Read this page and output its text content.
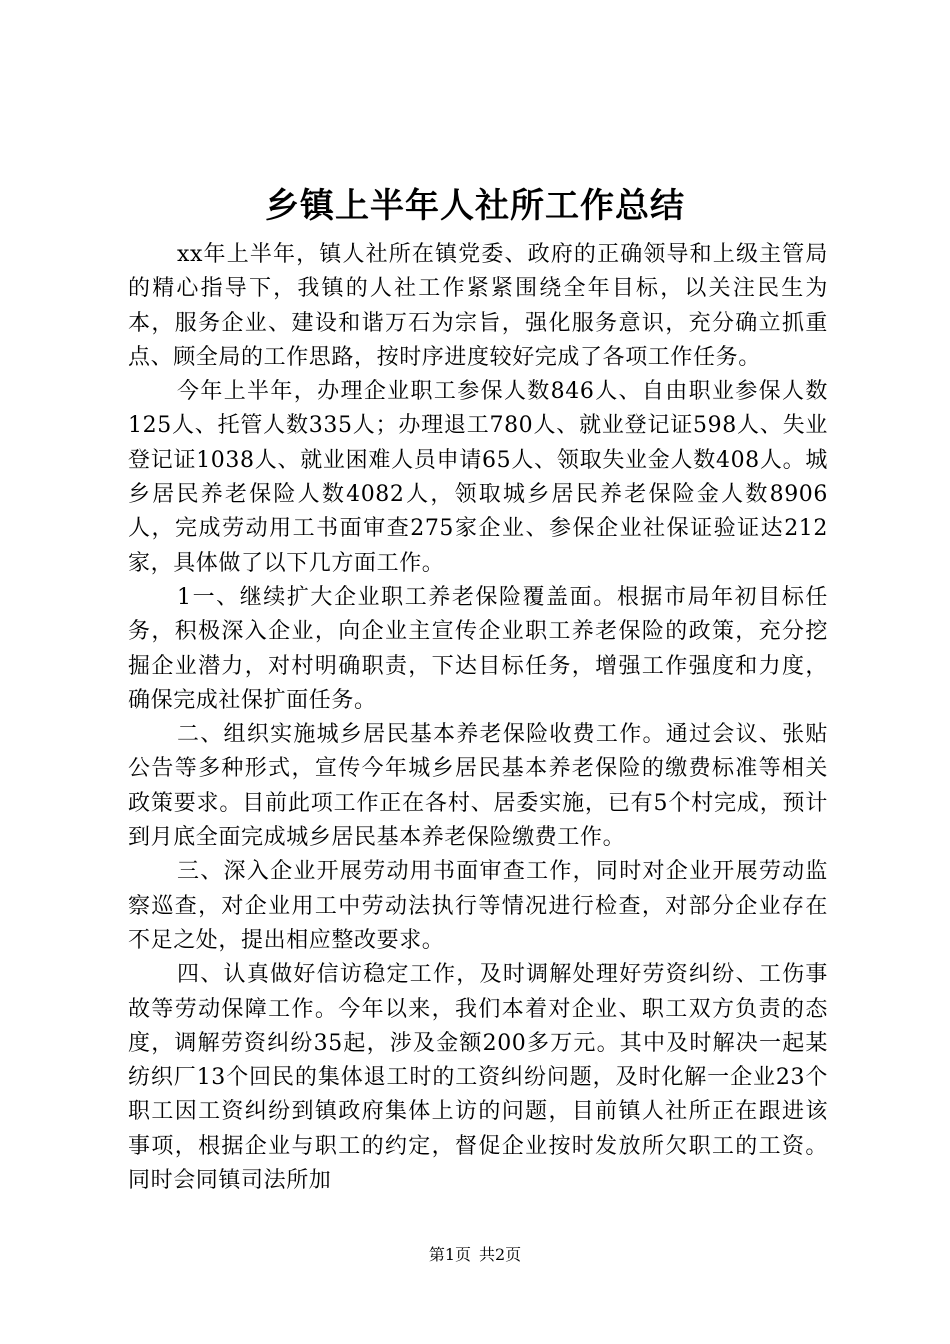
乡镇上半年人社所工作总结

xx年上半年，镇人社所在镇党委、政府的正确领导和上级主管局的精心指导下，我镇的人社工作紧紧围绕全年目标，以关注民生为本，服务企业、建设和谐万石为宗旨，强化服务意识，充分确立抓重点、顾全局的工作思路，按时序进度较好完成了各项工作任务。

今年上半年，办理企业职工参保人数846人、自由职业参保人数125人、托管人数335人；办理退工780人、就业登记证598人、失业登记证1038人、就业困难人员申请65人、领取失业金人数408人。城乡居民养老保险人数4082人，领取城乡居民养老保险金人数8906人，完成劳动用工书面审查275家企业、参保企业社保证验证达212家，具体做了以下几方面工作。

1一、继续扩大企业职工养老保险覆盖面。根据市局年初目标任务，积极深入企业，向企业主宣传企业职工养老保险的政策，充分挖掘企业潜力，对村明确职责，下达目标任务，增强工作强度和力度，确保完成社保扩面任务。

二、组织实施城乡居民基本养老保险收费工作。通过会议、张贴公告等多种形式，宣传今年城乡居民基本养老保险的缴费标准等相关政策要求。目前此项工作正在各村、居委实施，已有5个村完成，预计到月底全面完成城乡居民基本养老保险缴费工作。

三、深入企业开展劳动用书面审查工作，同时对企业开展劳动监察巡查，对企业用工中劳动法执行等情况进行检查，对部分企业存在不足之处，提出相应整改要求。

四、认真做好信访稳定工作，及时调解处理好劳资纠纷、工伤事故等劳动保障工作。今年以来，我们本着对企业、职工双方负责的态度，调解劳资纠纷35起，涉及金额200多万元。其中及时解决一起某纺织厂13个回民的集体退工时的工资纠纷问题，及时化解一企业23个职工因工资纠纷到镇政府集体上访的问题，目前镇人社所正在跟进该事项，根据企业与职工的约定，督促企业按时发放所欠职工的工资。同时会同镇司法所加

第1页 共2页
